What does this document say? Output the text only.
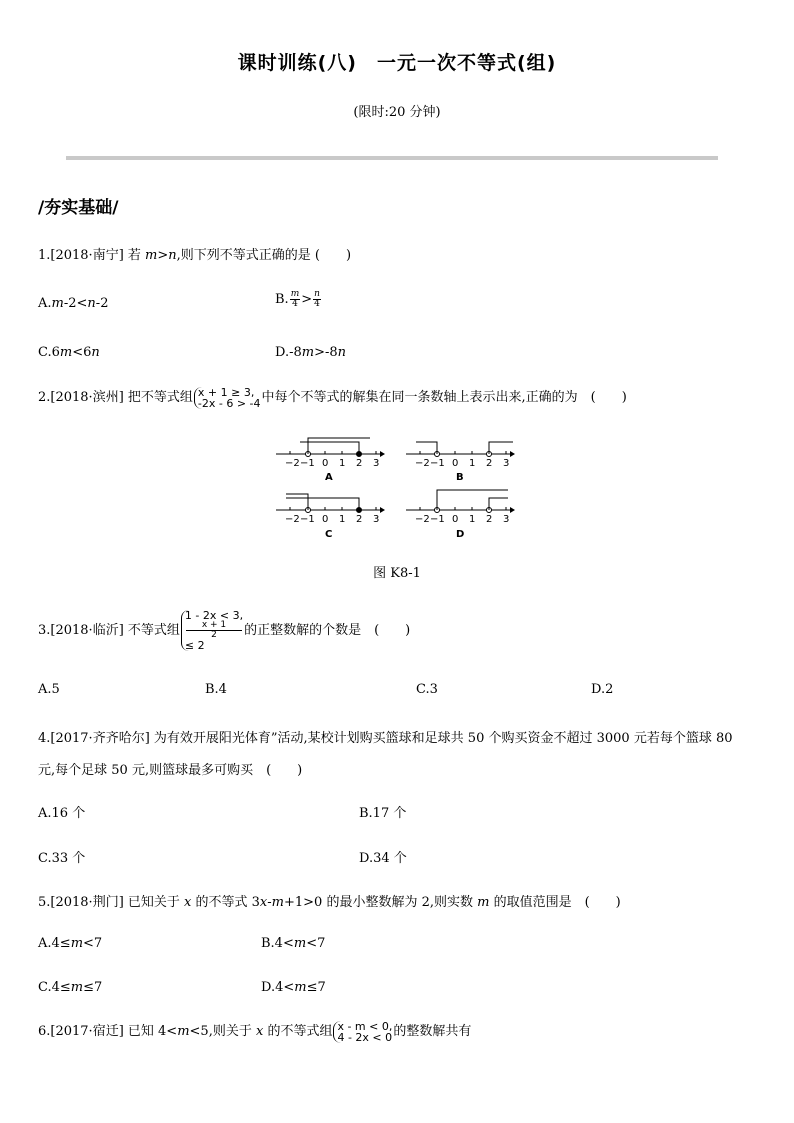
课时训练(八)　一元一次不等式(组)
(限时:20 分钟)
/夯实基础/
1.[2018·南宁] 若 m>n,则下列不等式正确的是 (　　)
A.m-2<n-2	B. $\frac{m}{4} > \frac{n}{4}$
C.6m<6n	D.-8m>-8n
2.[2018·滨州] 把不等式组 x + 1 ≥ 3,
-2x - 6 > -4 中每个不等式的解集在同一条数轴上表示出来,正确的为　(　　)
−2 −1 0 1 2 3
A
−2 −1 0 1 2 3
B
−2 −1 0 1 2 3
C
−2 −1 0 1 2 3
D
图 K8-1
3.[2018·临沂] 不等式组
1 - 2x < 3,
x + 1
2
≤ 2
的正整数解的个数是　(　　)
A.5	B.4	C.3	D.2
4.[2017·齐齐哈尔] 为有效开展阳光体育”活动,某校计划购买篮球和足球共 50 个购买资金不超过 3000 元若每个篮球 80
元,每个足球 50 元,则篮球最多可购买　(　　)
A.16 个	B.17 个
C.33 个	D.34 个
5.[2018·荆门] 已知关于 x 的不等式 3x-m+1>0 的最小整数解为 2,则实数 m 的取值范围是　(　　)
A.4≤m<7	B.4<m<7
C.4≤m≤7	D.4<m≤7
6.[2017·宿迁] 已知 4<m<5,则关于 x 的不等式组 x - m < 0,
4 - 2x < 0 的整数解共有
